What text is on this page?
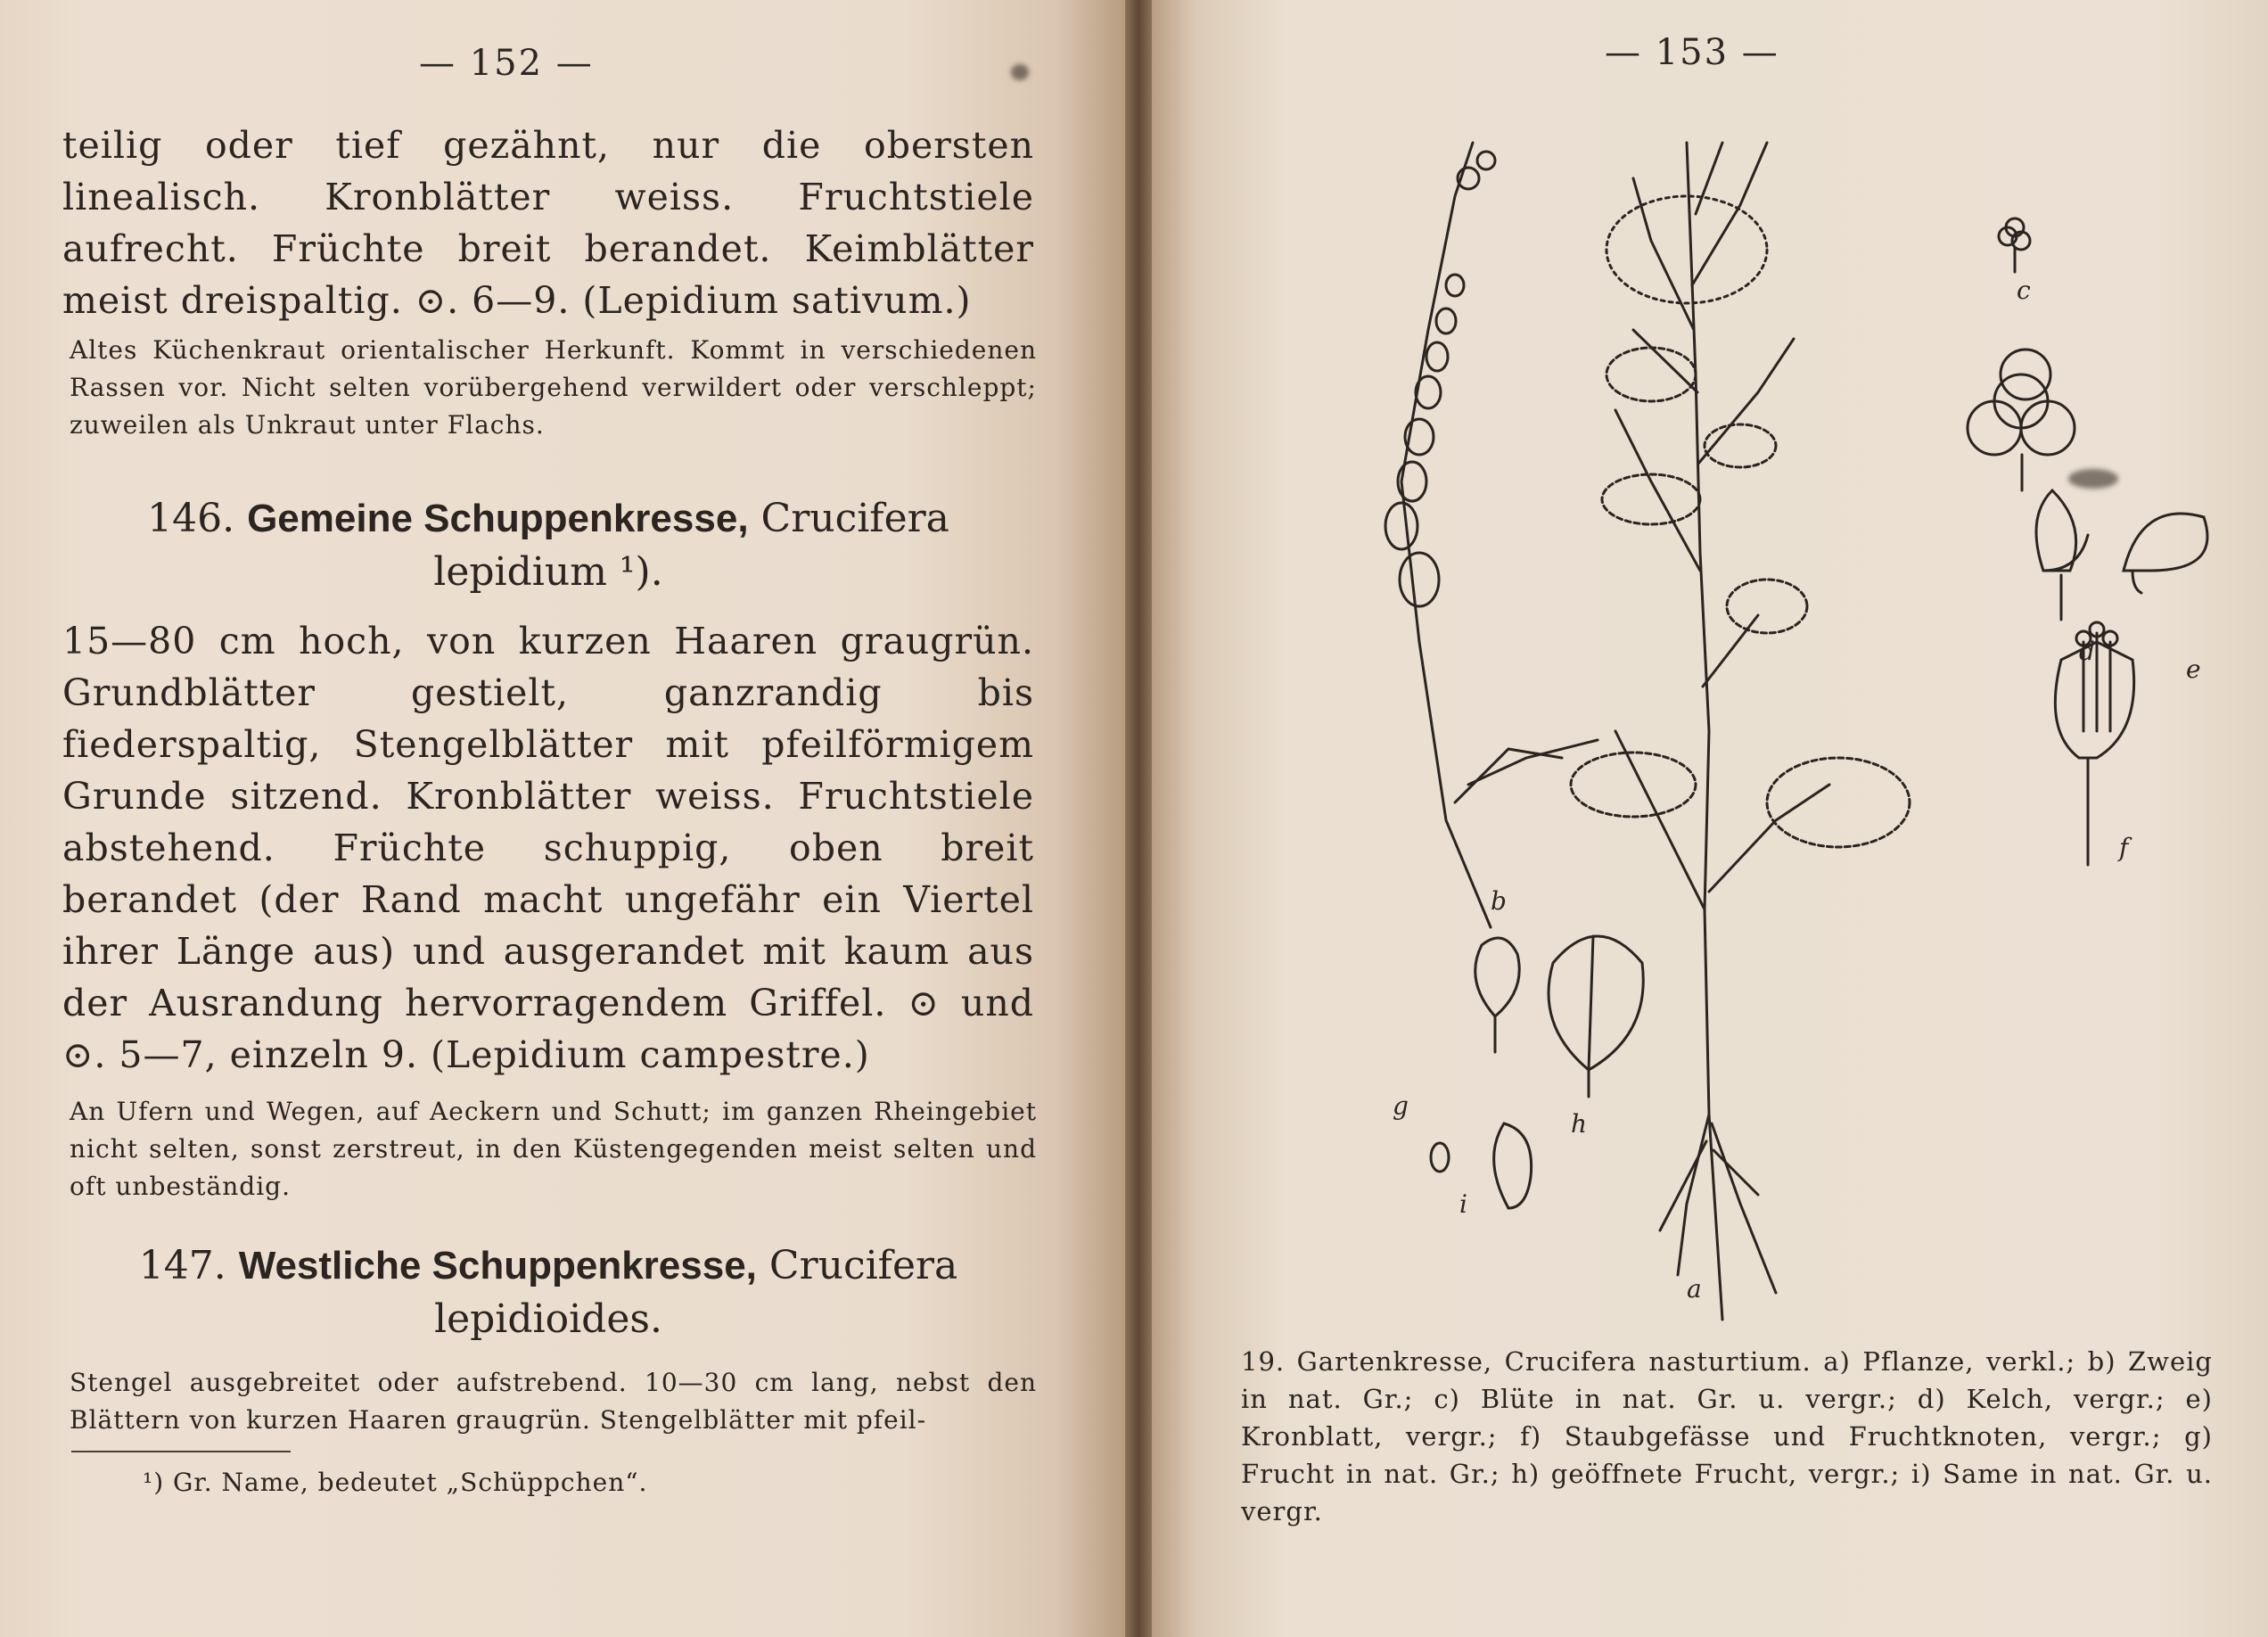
— 152 —
teilig oder tief gezähnt, nur die obersten linealisch. Kronblätter weiss. Fruchtstiele aufrecht. Früchte breit berandet. Keimblätter meist dreispaltig. ⊙. 6—9. (Lepidium sativum.)
Altes Küchenkraut orientalischer Herkunft. Kommt in verschiedenen Rassen vor. Nicht selten vorübergehend verwildert oder verschleppt; zuweilen als Unkraut unter Flachs.
146. Gemeine Schuppenkresse, Crucifera lepidium ¹).
15—80 cm hoch, von kurzen Haaren graugrün. Grundblätter gestielt, ganzrandig bis fiederspaltig, Stengelblätter mit pfeilförmigem Grunde sitzend. Kronblätter weiss. Fruchtstiele abstehend. Früchte schuppig, oben breit berandet (der Rand macht ungefähr ein Viertel ihrer Länge aus) und ausgerandet mit kaum aus der Ausrandung hervorragendem Griffel. ⊙ und ⊙. 5—7, einzeln 9. (Lepidium campestre.)
An Ufern und Wegen, auf Aeckern und Schutt; im ganzen Rheingebiet nicht selten, sonst zerstreut, in den Küstengegenden meist selten und oft unbeständig.
147. Westliche Schuppenkresse, Crucifera lepidioides.
Stengel ausgebreitet oder aufstrebend. 10—30 cm lang, nebst den Blättern von kurzen Haaren graugrün. Stengelblätter mit pfeil-
¹) Gr. Name, bedeutet „Schüppchen“.
— 153 —
a
b
c
d
e
f
g
h
i
19. Gartenkresse, Crucifera nasturtium. a) Pflanze, verkl.; b) Zweig in nat. Gr.; c) Blüte in nat. Gr. u. vergr.; d) Kelch, vergr.; e) Kronblatt, vergr.; f) Staubgefässe und Fruchtknoten, vergr.; g) Frucht in nat. Gr.; h) geöffnete Frucht, vergr.; i) Same in nat. Gr. u. vergr.
